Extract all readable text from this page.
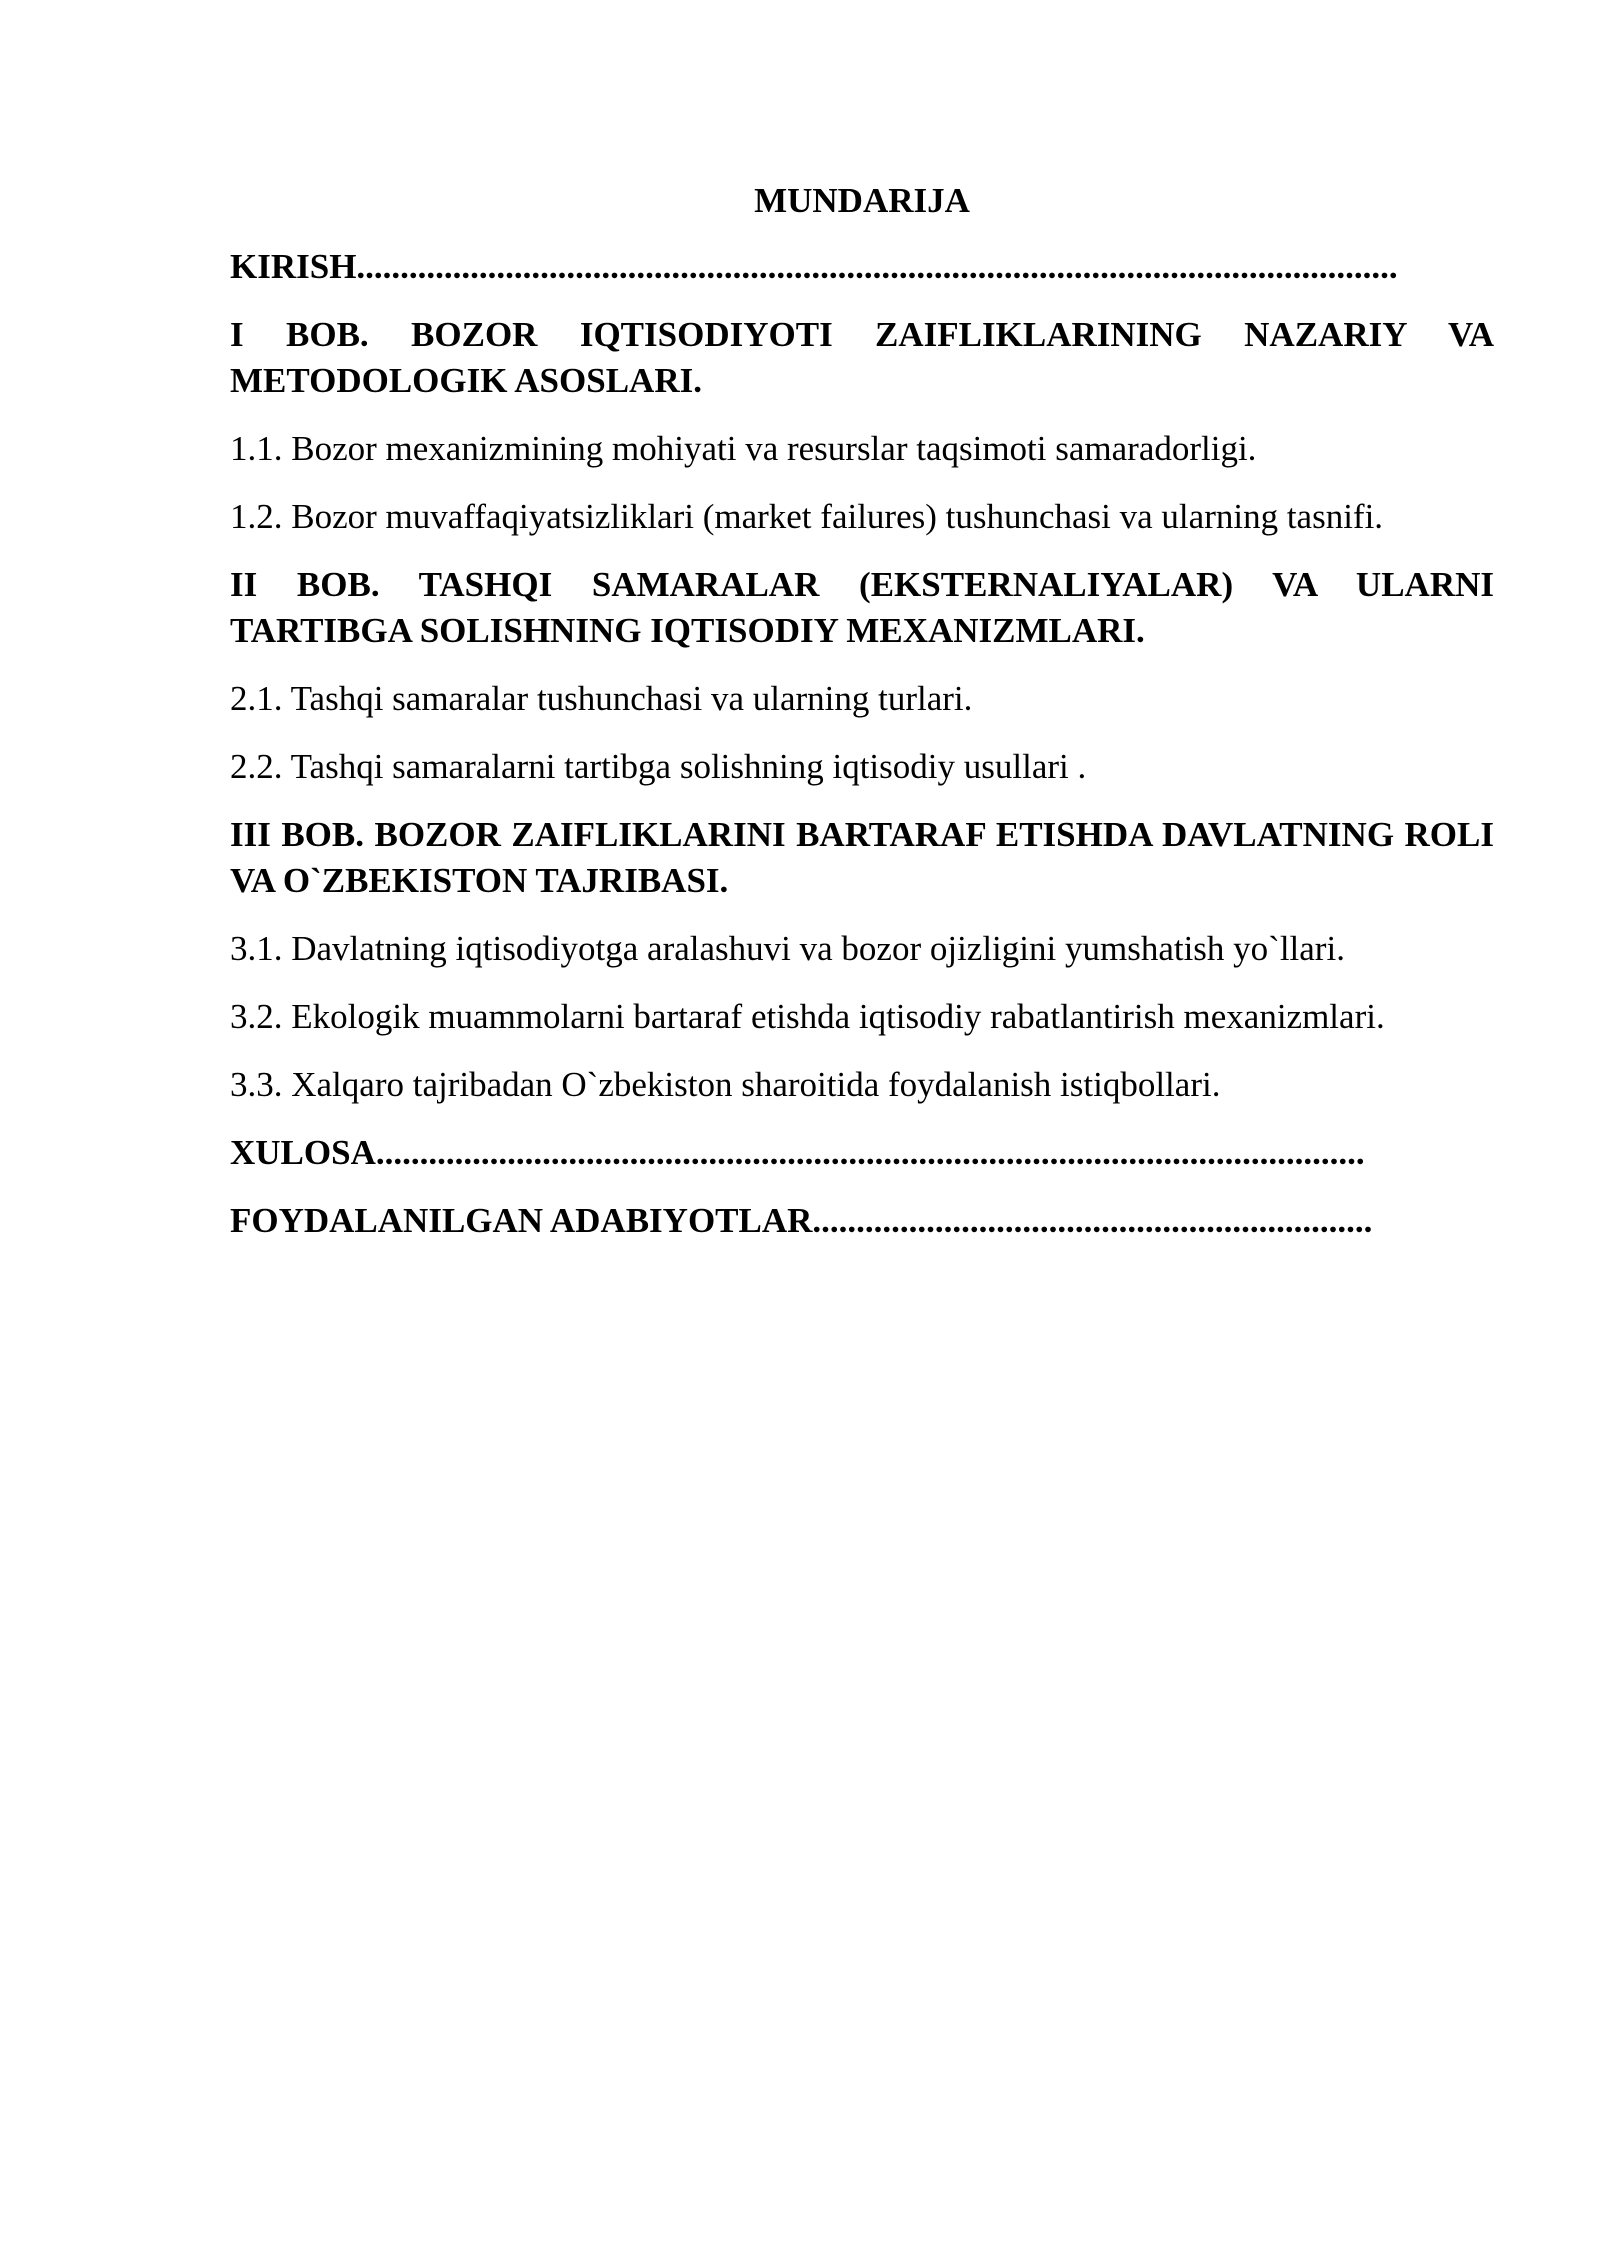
MUNDARIJA
KIRISH.......................................................................................................................
I BOB. BOZOR IQTISODIYOTI ZAIFLIKLARINING NAZARIY VA METODOLOGIK ASOSLARI.
1.1. Bozor mexanizmining mohiyati va resurslar taqsimoti samaradorligi.
1.2. Bozor muvaffaqiyatsizliklari (market failures) tushunchasi va ularning tasnifi.
II BOB. TASHQI SAMARALAR (EKSTERNALIYALAR) VA ULARNI TARTIBGA SOLISHNING IQTISODIY MEXANIZMLARI.
2.1. Tashqi samaralar tushunchasi va ularning turlari.
2.2. Tashqi samaralarni tartibga solishning iqtisodiy usullari .
III BOB. BOZOR ZAIFLIKLARINI BARTARAF ETISHDA DAVLATNING ROLI VA O`ZBEKISTON TAJRIBASI.
3.1. Davlatning iqtisodiyotga aralashuvi va bozor ojizligini yumshatish yo`llari.
3.2. Ekologik muammolarni bartaraf etishda iqtisodiy rabatlantirish mexanizmlari.
3.3. Xalqaro tajribadan O`zbekiston sharoitida foydalanish istiqbollari.
XULOSA.................................................................................................................
FOYDALANILGAN ADABIYOTLAR................................................................
